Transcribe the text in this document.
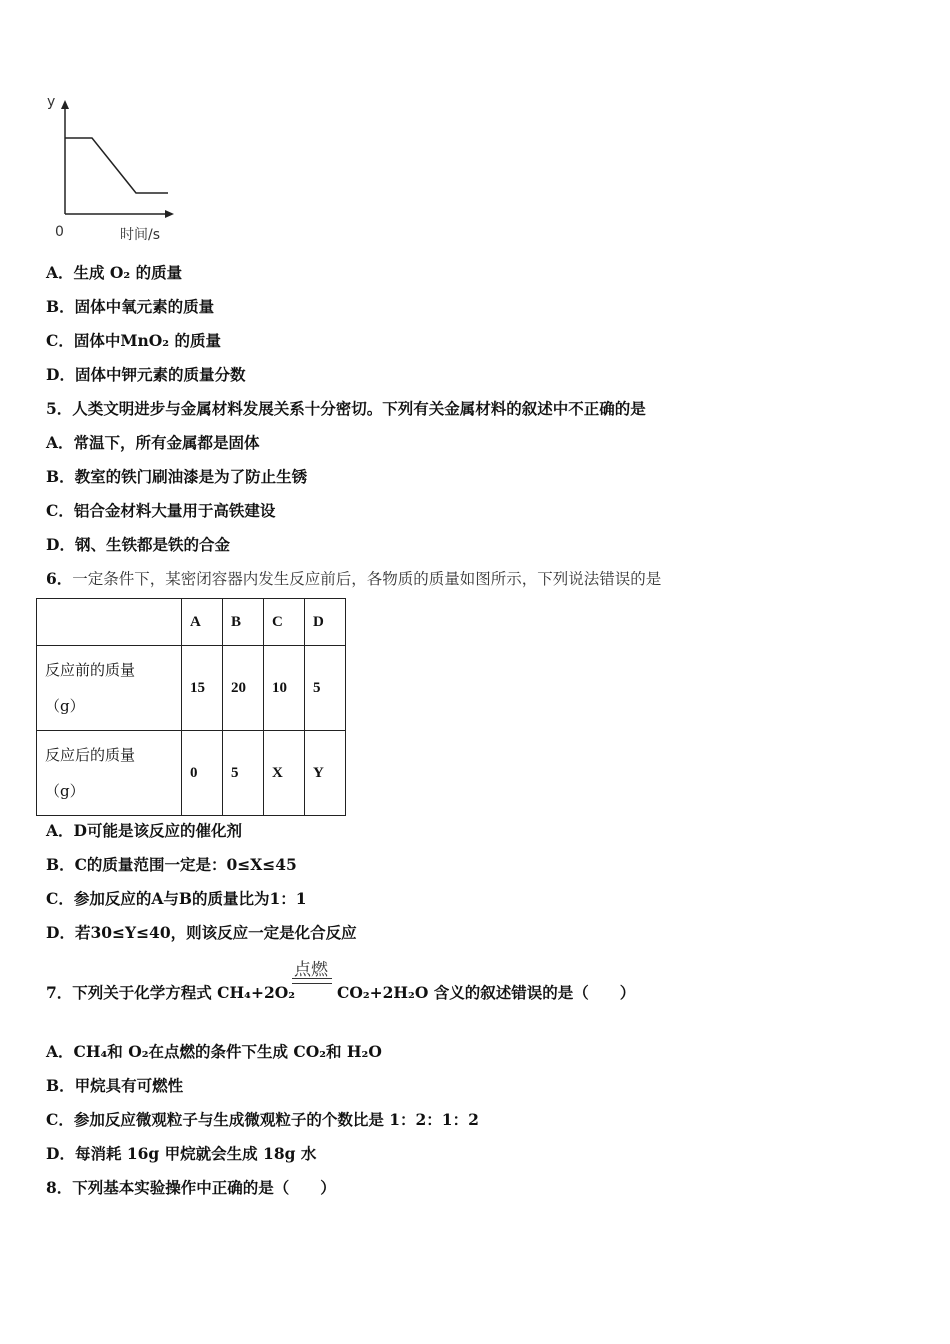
y
0	时间/s
A．生成 O₂ 的质量
B．固体中氧元素的质量
C．固体中MnO₂ 的质量
D．固体中钾元素的质量分数
5．人类文明进步与金属材料发展关系十分密切。下列有关金属材料的叙述中不正确的是
A．常温下，所有金属都是固体
B．教室的铁门刷油漆是为了防止生锈
C．铝合金材料大量用于高铁建设
D．钢、生铁都是铁的合金
6．一定条件下，某密闭容器内发生反应前后，各物质的质量如图所示，下列说法错误的是
	A	B	C	D
反应前的质量
（g）	15	20	10	5
反应后的质量
（g）	0	5	X	Y
A．D可能是该反应的催化剂
B．C的质量范围一定是：0≤X≤45
C．参加反应的A与B的质量比为1：1
D．若30≤Y≤40，则该反应一定是化合反应
7．下列关于化学方程式 CH₄+2O₂
点燃
CO₂+2H₂O 含义的叙述错误的是（　　）
A．CH₄和 O₂在点燃的条件下生成 CO₂和 H₂O
B．甲烷具有可燃性
C．参加反应微观粒子与生成微观粒子的个数比是 1：2：1：2
D．每消耗 16g 甲烷就会生成 18g 水
8．下列基本实验操作中正确的是（　　）
